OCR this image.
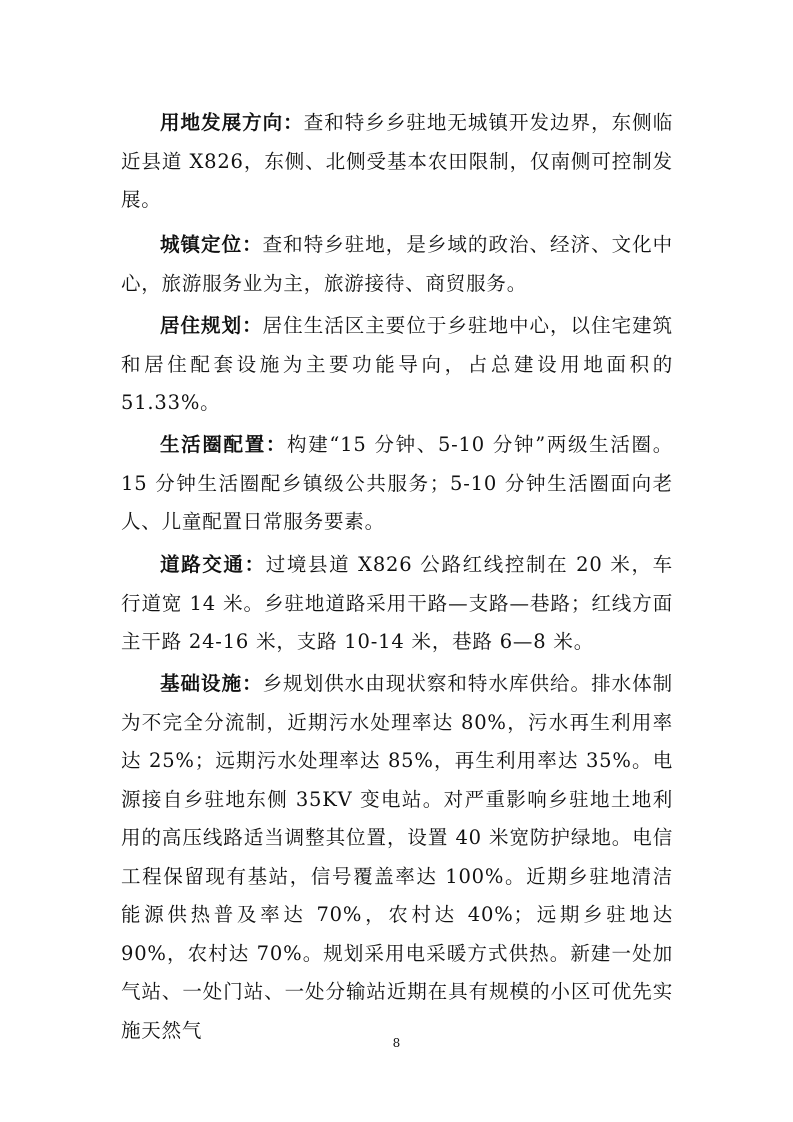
用地发展方向：查和特乡乡驻地无城镇开发边界，东侧临近县道 X826，东侧、北侧受基本农田限制，仅南侧可控制发展。

城镇定位：查和特乡驻地，是乡域的政治、经济、文化中心，旅游服务业为主，旅游接待、商贸服务。

居住规划：居住生活区主要位于乡驻地中心，以住宅建筑和居住配套设施为主要功能导向，占总建设用地面积的51.33%。

生活圈配置：构建“15 分钟、5-10 分钟”两级生活圈。15 分钟生活圈配乡镇级公共服务；5-10 分钟生活圈面向老人、儿童配置日常服务要素。

道路交通：过境县道 X826 公路红线控制在 20 米，车行道宽 14 米。乡驻地道路采用干路—支路—巷路；红线方面主干路 24-16 米，支路 10-14 米，巷路 6—8 米。

基础设施：乡规划供水由现状察和特水库供给。排水体制为不完全分流制，近期污水处理率达 80%，污水再生利用率达 25%；远期污水处理率达 85%，再生利用率达 35%。电源接自乡驻地东侧 35KV 变电站。对严重影响乡驻地土地利用的高压线路适当调整其位置，设置 40 米宽防护绿地。电信工程保留现有基站，信号覆盖率达 100%。近期乡驻地清洁能源供热普及率达 70%，农村达 40%；远期乡驻地达 90%，农村达 70%。规划采用电采暖方式供热。新建一处加气站、一处门站、一处分输站近期在具有规模的小区可优先实施天然气

8
